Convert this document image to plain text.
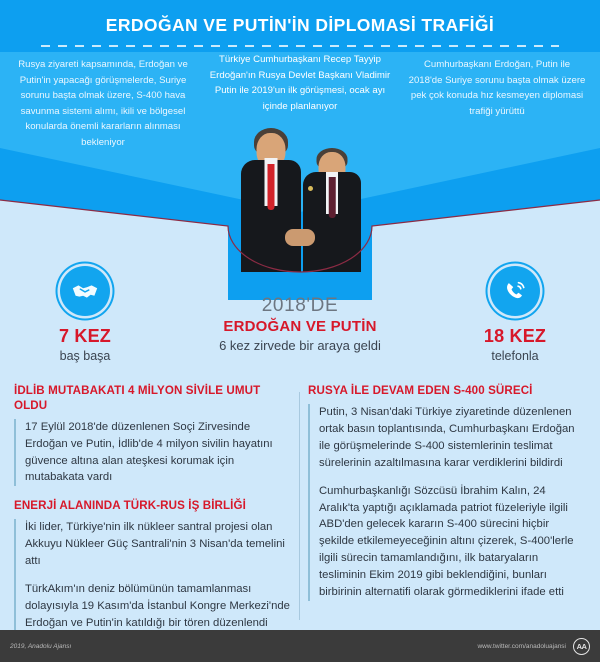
ERDOĞAN VE PUTİN'İN DİPLOMASİ TRAFİĞİ
Rusya ziyareti kapsamında, Erdoğan ve Putin'in yapacağı görüşmelerde, Suriye sorunu başta olmak üzere, S-400 hava savunma sistemi alımı, ikili ve bölgesel konularda önemli kararların alınması bekleniyor
Türkiye Cumhurbaşkanı Recep Tayyip Erdoğan'ın Rusya Devlet Başkanı Vladimir Putin ile 2019'un ilk görüşmesi, ocak ayı içinde planlanıyor
Cumhurbaşkanı Erdoğan, Putin ile 2018'de Suriye sorunu başta olmak üzere pek çok konuda hız kesmeyen diplomasi trafiği yürüttü
7 KEZ
baş başa
2018'DE
ERDOĞAN VE PUTİN
6 kez zirvede bir araya geldi	18 KEZ
telefonla
İDLİB MUTABAKATI 4 MİLYON SİVİLE UMUT OLDU

17 Eylül 2018'de düzenlenen Soçi Zirvesinde Erdoğan ve Putin, İdlib'de 4 milyon sivilin hayatını güvence altına alan ateşkesi korumak için mutabakata vardı

ENERJİ ALANINDA TÜRK-RUS İŞ BİRLİĞİ

İki lider, Türkiye'nin ilk nükleer santral projesi olan Akkuyu Nükleer Güç Santrali'nin 3 Nisan'da temelini attı

TürkAkım'ın deniz bölümünün tamamlanması dolayısıyla 19 Kasım'da İstanbul Kongre Merkezi'nde Erdoğan ve Putin'in katıldığı bir tören düzenlendi

RUSYA İLE DEVAM EDEN S-400 SÜRECİ

Putin, 3 Nisan'daki Türkiye ziyaretinde düzenlenen ortak basın toplantısında, Cumhurbaşkanı Erdoğan ile görüşmelerinde S-400 sistemlerinin teslimat sürelerinin azaltılmasına karar verdiklerini bildirdi

Cumhurbaşkanlığı Sözcüsü İbrahim Kalın, 24 Aralık'ta yaptığı açıklamada patriot füzeleriyle ilgili ABD'den gelecek kararın S-400 sürecini hiçbir şekilde etkilemeyeceğinin altını çizerek, S-400'lerle ilgili sürecin tamamlandığını, ilk bataryaların tesliminin Ekim 2019 gibi beklendiğini, bunları birbirinin alternatifi olarak görmediklerini ifade etti

2019, Anadolu Ajansı	www.twitter.com/anadoluajansi	AA
